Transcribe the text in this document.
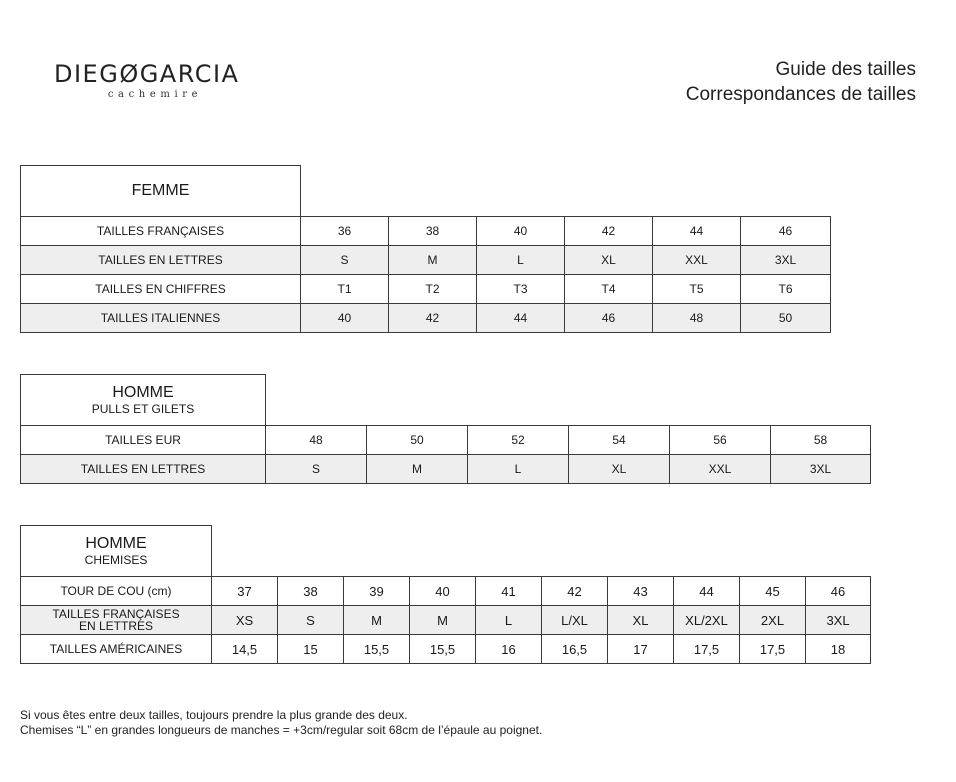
DIEGØGARCIA
cachemire
Guide des tailles
Correspondances de tailles
FEMME						
TAILLES FRANÇAISES	36	38	40	42	44	46
TAILLES EN LETTRES	S	M	L	XL	XXL	3XL
TAILLES EN CHIFFRES	T1	T2	T3	T4	T5	T6
TAILLES ITALIENNES	40	42	44	46	48	50
HOMME
PULLS ET GILETS						

TAILLES EUR	48	50	52	54	56	58
TAILLES EN LETTRES	S	M	L	XL	XXL	3XL
HOMME
CHEMISES										

TOUR DE COU (cm)	37	38	39	40	41	42	43	44	45	46

TAILLES FRANÇAISES
EN LETTRES	XS	S	M	M	L	L/XL	XL	XL/2XL	2XL	3XL
TAILLES AMÉRICAINES	14,5	15	15,5	15,5	16	16,5	17	17,5	17,5	18
Si vous êtes entre deux tailles, toujours prendre la plus grande des deux.
Chemises “L” en grandes longueurs de manches = +3cm/regular soit 68cm de l’épaule au poignet.
